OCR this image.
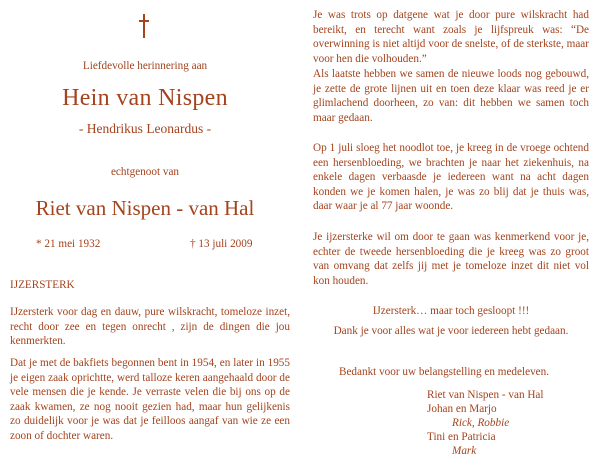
Liefdevolle herinnering aan
Hein van Nispen
- Hendrikus Leonardus -
echtgenoot van
Riet van Nispen - van Hal
* 21 mei 1932	† 13 juli 2009
IJZERSTERK
IJzersterk voor dag en dauw, pure wilskracht, tomeloze inzet, recht door zee en tegen onrecht , zijn de dingen die jou kenmerkten.
Dat je met de bakfiets begonnen bent in 1954, en later in 1955 je eigen zaak oprichtte, werd talloze keren aangehaald door de vele mensen die je kende. Je verraste velen die bij ons op de zaak kwamen, ze nog nooit gezien had, maar hun gelijkenis zo duidelijk voor je was dat je feilloos aangaf van wie ze een zoon of dochter waren.
Je was trots op datgene wat je door pure wilskracht had bereikt, en terecht want zoals je lijfspreuk was: “De overwinning is niet altijd voor de snelste, of de sterkste, maar voor hen die volhouden.”
Als laatste hebben we samen de nieuwe loods nog gebouwd, je zette de grote lijnen uit en toen deze klaar was reed je er glimlachend doorheen, zo van: dit hebben we samen toch maar gedaan.
Op 1 juli sloeg het noodlot toe, je kreeg in de vroege ochtend een hersenbloeding, we brachten je naar het ziekenhuis, na enkele dagen verbaasde je iedereen want na acht dagen konden we je komen halen, je was zo blij dat je thuis was, daar waar je al 77 jaar woonde.
Je ijzersterke wil om door te gaan was kenmerkend voor je, echter de tweede hersenbloeding die je kreeg was zo groot van omvang dat zelfs jij met je tomeloze inzet dit niet vol kon houden.
IJzersterk… maar toch gesloopt !!!
Dank je voor alles wat je voor iedereen hebt gedaan.
Bedankt voor uw belangstelling en medeleven.
Riet van Nispen - van Hal
Johan en Marjo
Rick, Robbie
Tini en Patricia
Mark
